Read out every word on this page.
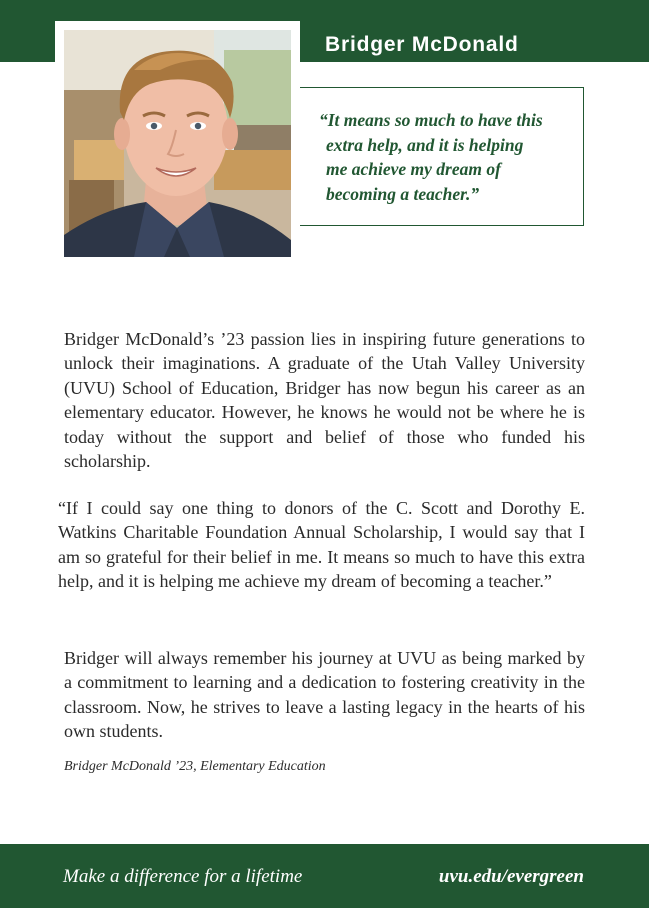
Bridger McDonald
“It means so much to have this
extra help, and it is helping
me achieve my dream of
becoming a teacher.”

Bridger McDonald’s ’23 passion lies in inspiring future generations to unlock their imaginations. A graduate of the Utah Valley University (UVU) School of Education, Bridger has now begun his career as an elementary educator. However, he knows he would not be where he is today without the support and belief of those who funded his scholarship.

“If I could say one thing to donors of the C. Scott and Dorothy E. Watkins Charitable Foundation Annual Scholarship, I would say that I am so grateful for their belief in me. It means so much to have this extra help, and it is helping me achieve my dream of becoming a teacher.”

Bridger will always remember his journey at UVU as being marked by a commitment to learning and a dedication to fostering creativity in the classroom. Now, he strives to leave a lasting legacy in the hearts of his own students.

Bridger McDonald ’23, Elementary Education
Make a difference for a lifetime	uvu.edu/evergreen
